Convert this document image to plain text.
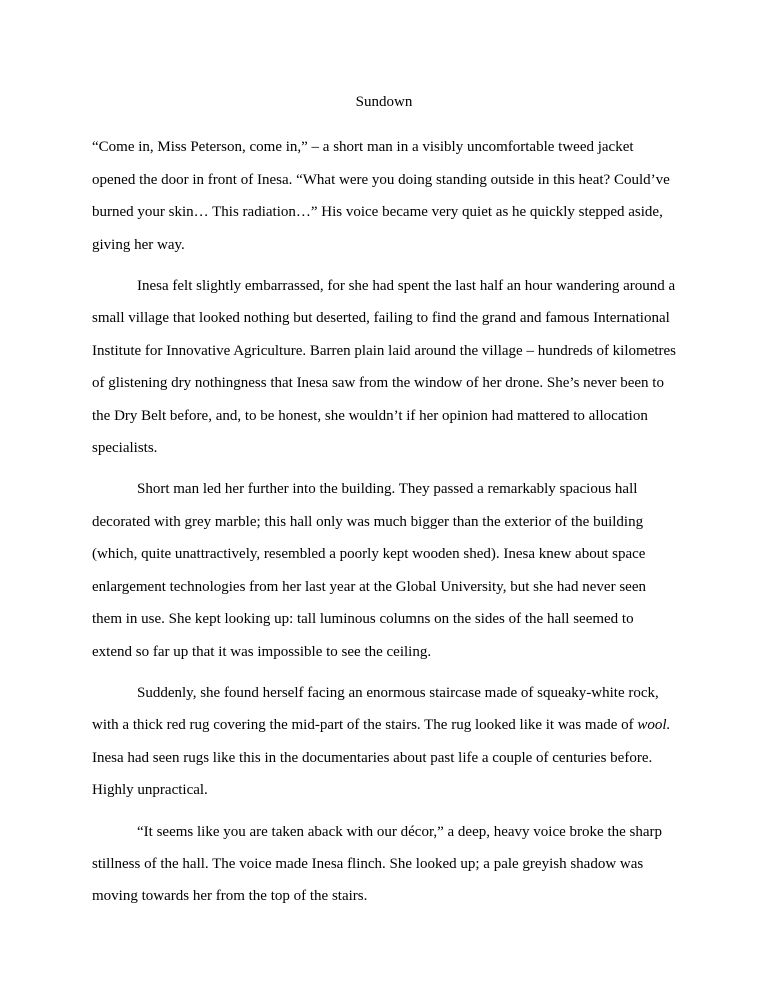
Sundown

“Come in, Miss Peterson, come in,” – a short man in a visibly uncomfortable tweed jacket opened the door in front of Inesa. “What were you doing standing outside in this heat? Could’ve burned your skin… This radiation…” His voice became very quiet as he quickly stepped aside, giving her way.

Inesa felt slightly embarrassed, for she had spent the last half an hour wandering around a small village that looked nothing but deserted, failing to find the grand and famous International Institute for Innovative Agriculture. Barren plain laid around the village – hundreds of kilometres of glistening dry nothingness that Inesa saw from the window of her drone. She’s never been to the Dry Belt before, and, to be honest, she wouldn’t if her opinion had mattered to allocation specialists.

Short man led her further into the building. They passed a remarkably spacious hall decorated with grey marble; this hall only was much bigger than the exterior of the building (which, quite unattractively, resembled a poorly kept wooden shed). Inesa knew about space enlargement technologies from her last year at the Global University, but she had never seen them in use. She kept looking up: tall luminous columns on the sides of the hall seemed to extend so far up that it was impossible to see the ceiling.

Suddenly, she found herself facing an enormous staircase made of squeaky-white rock, with a thick red rug covering the mid-part of the stairs. The rug looked like it was made of wool. Inesa had seen rugs like this in the documentaries about past life a couple of centuries before. Highly unpractical.

“It seems like you are taken aback with our décor,” a deep, heavy voice broke the sharp stillness of the hall. The voice made Inesa flinch. She looked up; a pale greyish shadow was moving towards her from the top of the stairs.
